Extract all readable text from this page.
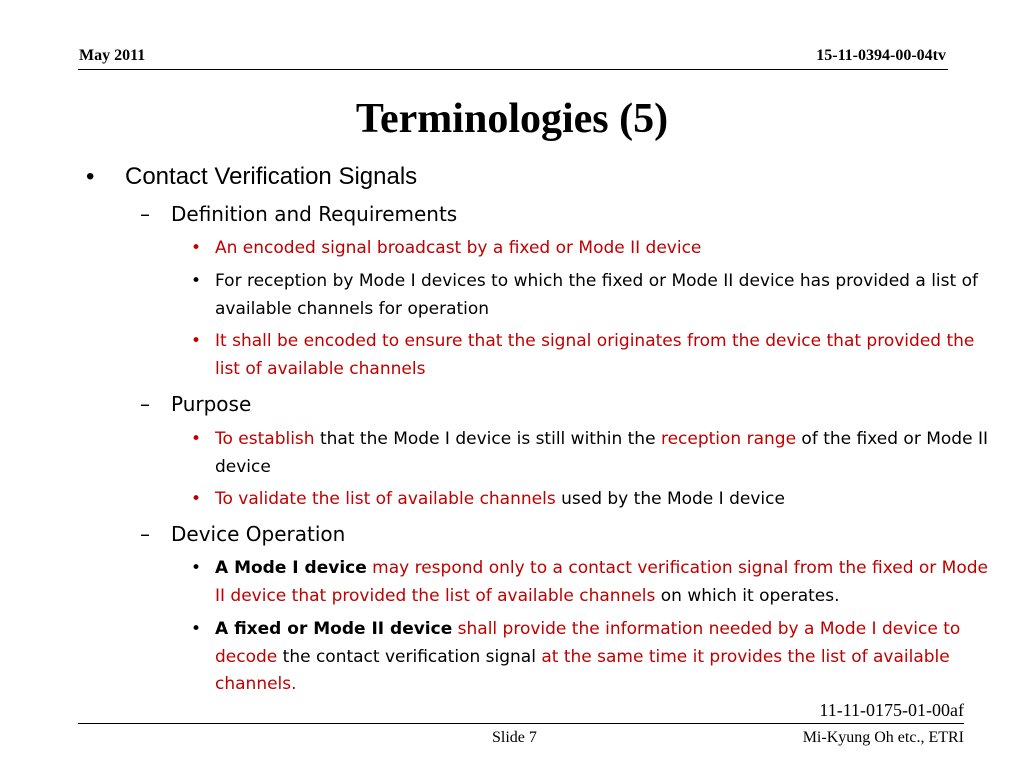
May 2011	15-11-0394-00-04tv
Terminologies (5)
• Contact Verification Signals
– Definition and Requirements
• An encoded signal broadcast by a fixed or Mode II device
• For reception by Mode I devices to which the fixed or Mode II device has provided a list of available channels for operation
• It shall be encoded to ensure that the signal originates from the device that provided the list of available channels
– Purpose
• To establish that the Mode I device is still within the reception range of the fixed or Mode II device
• To validate the list of available channels used by the Mode I device
– Device Operation
• A Mode I device may respond only to a contact verification signal from the fixed or Mode II device that provided the list of available channels on which it operates.
• A fixed or Mode II device shall provide the information needed by a Mode I device to decode the contact verification signal at the same time it provides the list of available channels.
11-11-0175-01-00af
Slide 7	Mi-Kyung Oh etc., ETRI
